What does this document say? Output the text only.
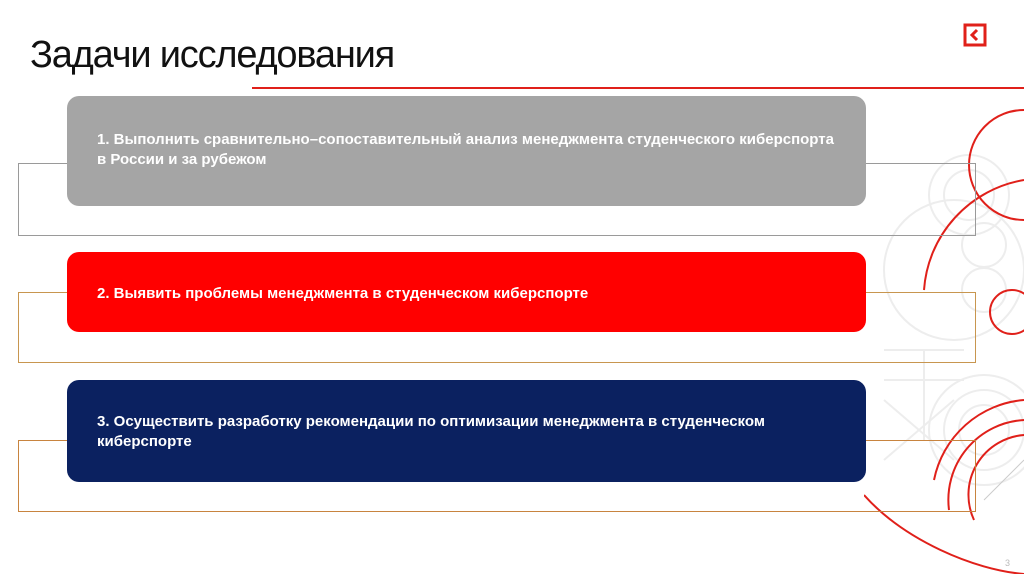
Задачи исследования
1. Выполнить сравнительно–сопоставительный анализ менеджмента студенческого киберспорта в России и за рубежом
2. Выявить проблемы менеджмента в студенческом киберспорте
3. Осуществить разработку рекомендации по оптимизации менеджмента в студенческом киберспорте
3
